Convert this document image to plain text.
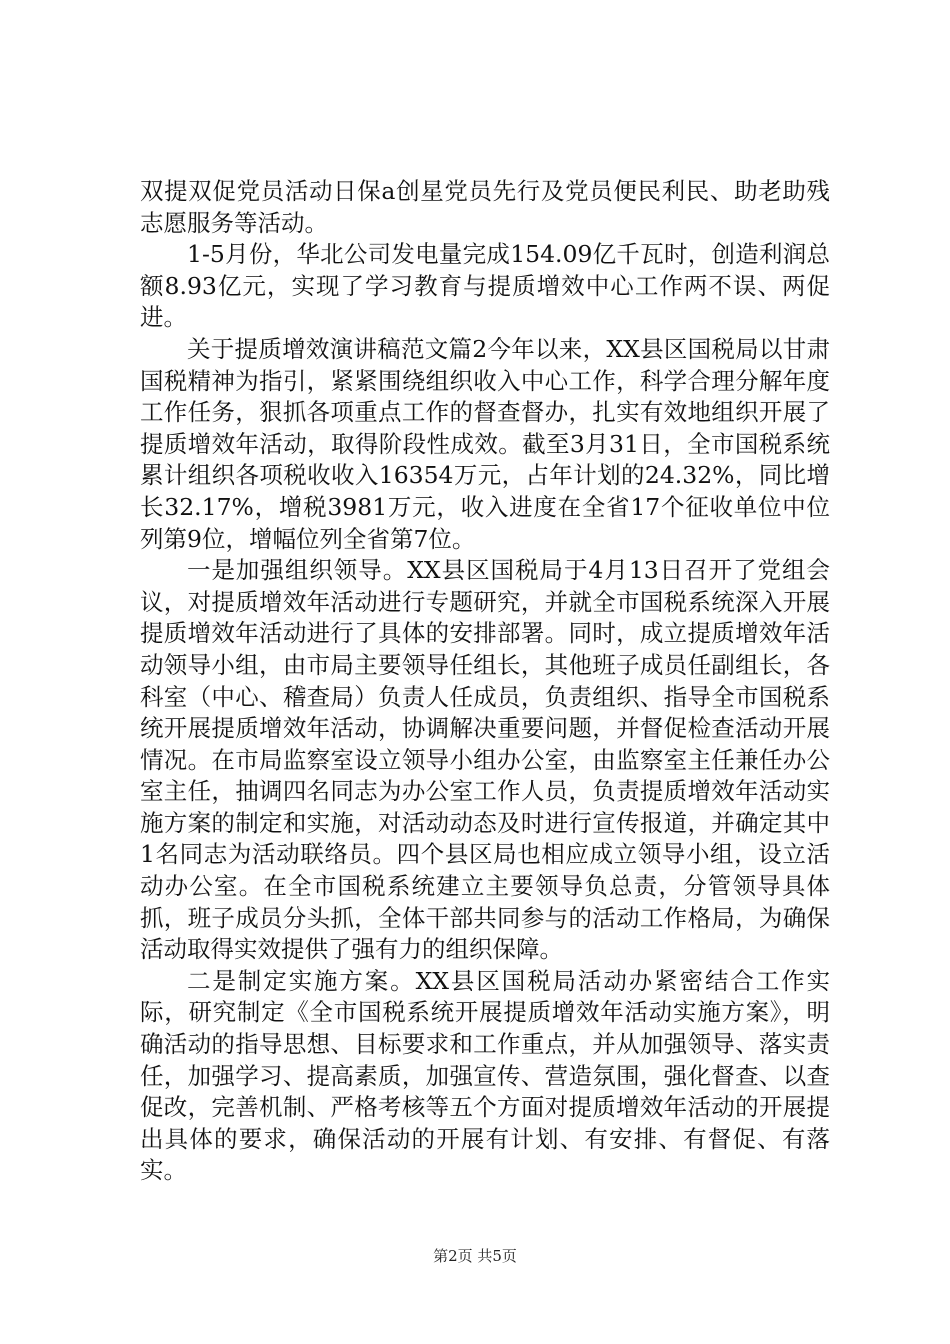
双提双促党员活动日保a创星党员先行及党员便民利民、助老助残志愿服务等活动。

1-5月份，华北公司发电量完成154.09亿千瓦时，创造利润总额8.93亿元，实现了学习教育与提质增效中心工作两不误、两促进。

关于提质增效演讲稿范文篇2今年以来，XX县区国税局以甘肃国税精神为指引，紧紧围绕组织收入中心工作，科学合理分解年度工作任务，狠抓各项重点工作的督查督办，扎实有效地组织开展了提质增效年活动，取得阶段性成效。截至3月31日，全市国税系统累计组织各项税收收入16354万元，占年计划的24.32%，同比增长32.17%，增税3981万元，收入进度在全省17个征收单位中位列第9位，增幅位列全省第7位。

一是加强组织领导。XX县区国税局于4月13日召开了党组会议，对提质增效年活动进行专题研究，并就全市国税系统深入开展提质增效年活动进行了具体的安排部署。同时，成立提质增效年活动领导小组，由市局主要领导任组长，其他班子成员任副组长，各科室（中心、稽查局）负责人任成员，负责组织、指导全市国税系统开展提质增效年活动，协调解决重要问题，并督促检查活动开展情况。在市局监察室设立领导小组办公室，由监察室主任兼任办公室主任，抽调四名同志为办公室工作人员，负责提质增效年活动实施方案的制定和实施，对活动动态及时进行宣传报道，并确定其中1名同志为活动联络员。四个县区局也相应成立领导小组，设立活动办公室。在全市国税系统建立主要领导负总责，分管领导具体抓，班子成员分头抓，全体干部共同参与的活动工作格局，为确保活动取得实效提供了强有力的组织保障。

二是制定实施方案。XX县区国税局活动办紧密结合工作实际，研究制定《全市国税系统开展提质增效年活动实施方案》，明确活动的指导思想、目标要求和工作重点，并从加强领导、落实责任，加强学习、提高素质，加强宣传、营造氛围，强化督查、以查促改，完善机制、严格考核等五个方面对提质增效年活动的开展提出具体的要求，确保活动的开展有计划、有安排、有督促、有落实。

第2页 共5页
